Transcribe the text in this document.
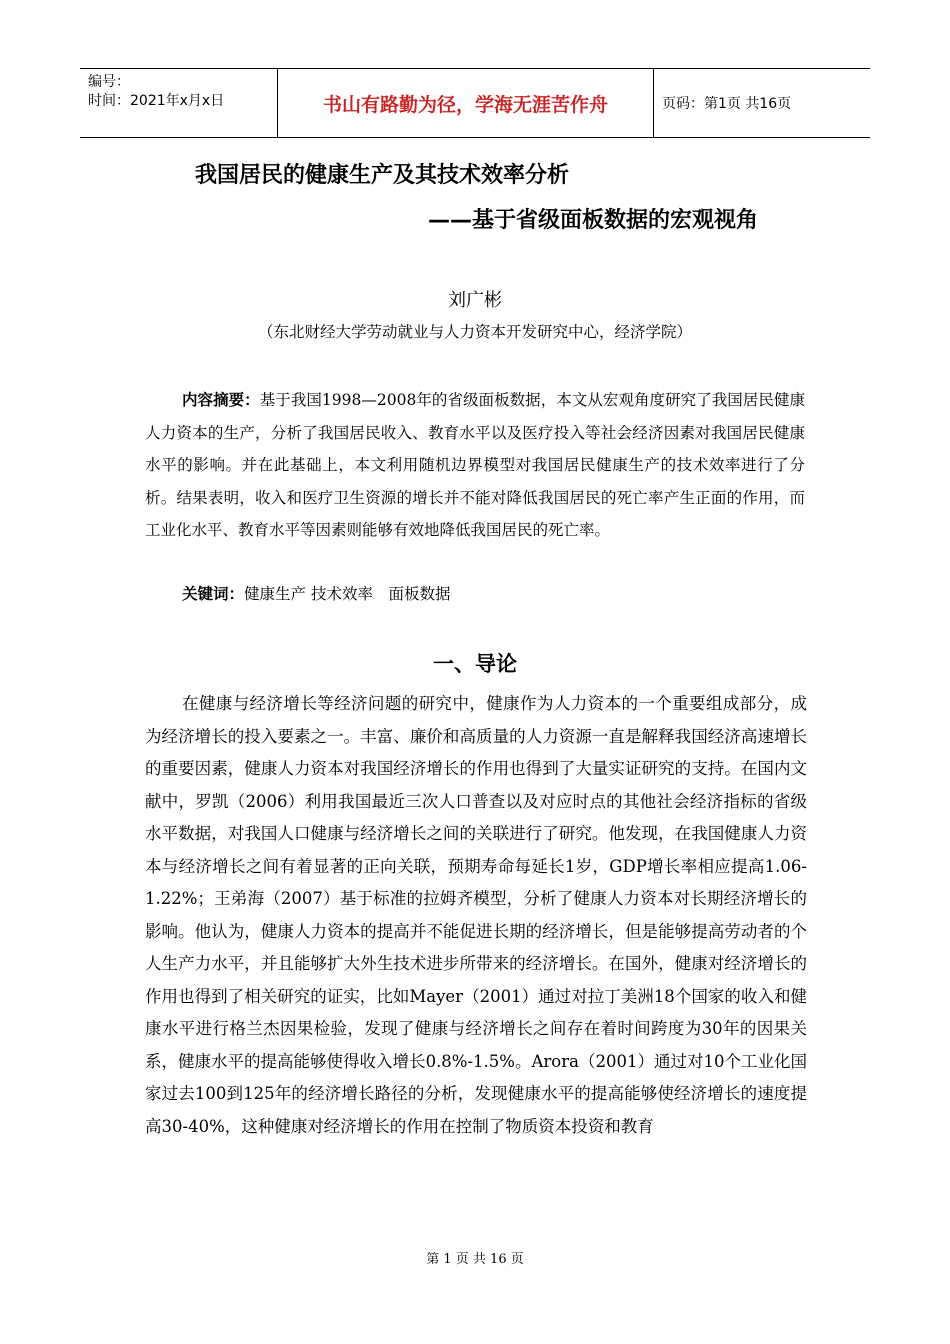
编号：
时间：2021年x月x日	书山有路勤为径，学海无涯苦作舟	页码：第1页 共16页
我国居民的健康生产及其技术效率分析
——基于省级面板数据的宏观视角
刘广彬
（东北财经大学劳动就业与人力资本开发研究中心，经济学院）
内容摘要：基于我国1998—2008年的省级面板数据，本文从宏观角度研究了我国居民健康人力资本的生产，分析了我国居民收入、教育水平以及医疗投入等社会经济因素对我国居民健康水平的影响。并在此基础上，本文利用随机边界模型对我国居民健康生产的技术效率进行了分析。结果表明，收入和医疗卫生资源的增长并不能对降低我国居民的死亡率产生正面的作用，而工业化水平、教育水平等因素则能够有效地降低我国居民的死亡率。
关键词：健康生产 技术效率　面板数据
一、导论
在健康与经济增长等经济问题的研究中，健康作为人力资本的一个重要组成部分，成为经济增长的投入要素之一。丰富、廉价和高质量的人力资源一直是解释我国经济高速增长的重要因素，健康人力资本对我国经济增长的作用也得到了大量实证研究的支持。在国内文献中，罗凯（2006）利用我国最近三次人口普查以及对应时点的其他社会经济指标的省级水平数据，对我国人口健康与经济增长之间的关联进行了研究。他发现，在我国健康人力资本与经济增长之间有着显著的正向关联，预期寿命每延长1岁，GDP增长率相应提高1.06-1.22%；王弟海（2007）基于标准的拉姆齐模型，分析了健康人力资本对长期经济增长的影响。他认为，健康人力资本的提高并不能促进长期的经济增长，但是能够提高劳动者的个人生产力水平，并且能够扩大外生技术进步所带来的经济增长。在国外，健康对经济增长的作用也得到了相关研究的证实，比如Mayer（2001）通过对拉丁美洲18个国家的收入和健康水平进行格兰杰因果检验，发现了健康与经济增长之间存在着时间跨度为30年的因果关系，健康水平的提高能够使得收入增长0.8%-1.5%。Arora（2001）通过对10个工业化国家过去100到125年的经济增长路径的分析，发现健康水平的提高能够使经济增长的速度提高30-40%，这种健康对经济增长的作用在控制了物质资本投资和教育
第 1 页 共 16 页
